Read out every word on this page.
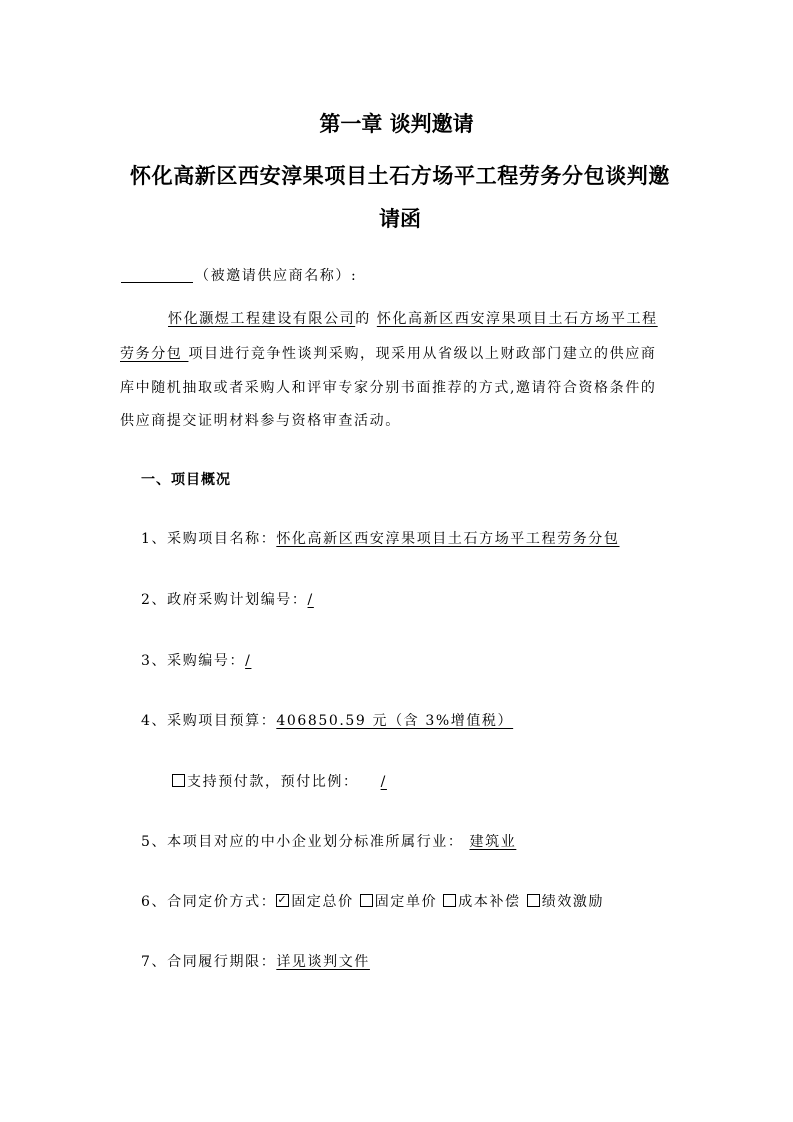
第一章 谈判邀请
怀化高新区西安淳果项目土石方场平工程劳务分包谈判邀
请函
（被邀请供应商名称）:
怀化灏煜工程建设有限公司的 怀化高新区西安淳果项目土石方场平工程
劳务分包 项目进行竞争性谈判采购，现采用从省级以上财政部门建立的供应商
库中随机抽取或者采购人和评审专家分别书面推荐的方式,邀请符合资格条件的
供应商提交证明材料参与资格审查活动。
一、项目概况
1、采购项目名称：怀化高新区西安淳果项目土石方场平工程劳务分包
2、政府采购计划编号：/
3、采购编号：/
4、采购项目预算：406850.59 元（含 3%增值税）
支持预付款，预付比例： /
5、本项目对应的中小企业划分标准所属行业： 建筑业
6、合同定价方式：✓ 固定总价 固定单价 成本补偿 绩效激励
7、合同履行期限：详见谈判文件
